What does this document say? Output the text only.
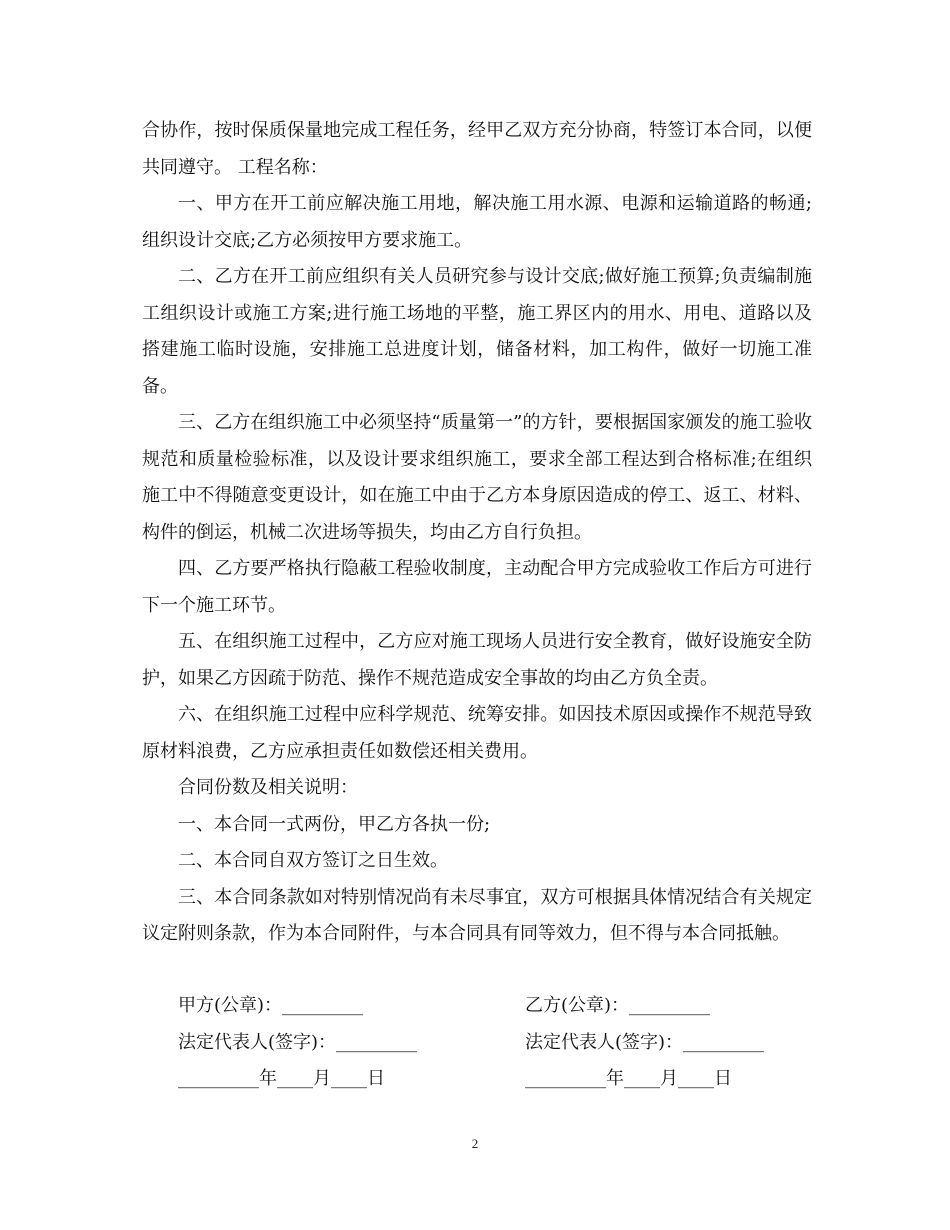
合协作，按时保质保量地完成工程任务，经甲乙双方充分协商，特签订本合同，以便共同遵守。 工程名称：

一、甲方在开工前应解决施工用地，解决施工用水源、电源和运输道路的畅通;组织设计交底;乙方必须按甲方要求施工。

二、乙方在开工前应组织有关人员研究参与设计交底;做好施工预算;负责编制施工组织设计或施工方案;进行施工场地的平整，施工界区内的用水、用电、道路以及搭建施工临时设施，安排施工总进度计划，储备材料，加工构件，做好一切施工准备。

三、乙方在组织施工中必须坚持“质量第一”的方针，要根据国家颁发的施工验收规范和质量检验标准，以及设计要求组织施工，要求全部工程达到合格标准;在组织施工中不得随意变更设计，如在施工中由于乙方本身原因造成的停工、返工、材料、构件的倒运，机械二次进场等损失，均由乙方自行负担。

四、乙方要严格执行隐蔽工程验收制度，主动配合甲方完成验收工作后方可进行下一个施工环节。

五、在组织施工过程中，乙方应对施工现场人员进行安全教育，做好设施安全防护，如果乙方因疏于防范、操作不规范造成安全事故的均由乙方负全责。

六、在组织施工过程中应科学规范、统筹安排。如因技术原因或操作不规范导致原材料浪费，乙方应承担责任如数偿还相关费用。

合同份数及相关说明：

一、本合同一式两份，甲乙方各执一份;

二、本合同自双方签订之日生效。

三、本合同条款如对特别情况尚有未尽事宜，双方可根据具体情况结合有关规定议定附则条款，作为本合同附件，与本合同具有同等效力，但不得与本合同抵触。

甲方(公章)：_________	乙方(公章)：_________
法定代表人(签字)：_________	法定代表人(签字)：_________
_________年____月____日	_________年____月____日
2
